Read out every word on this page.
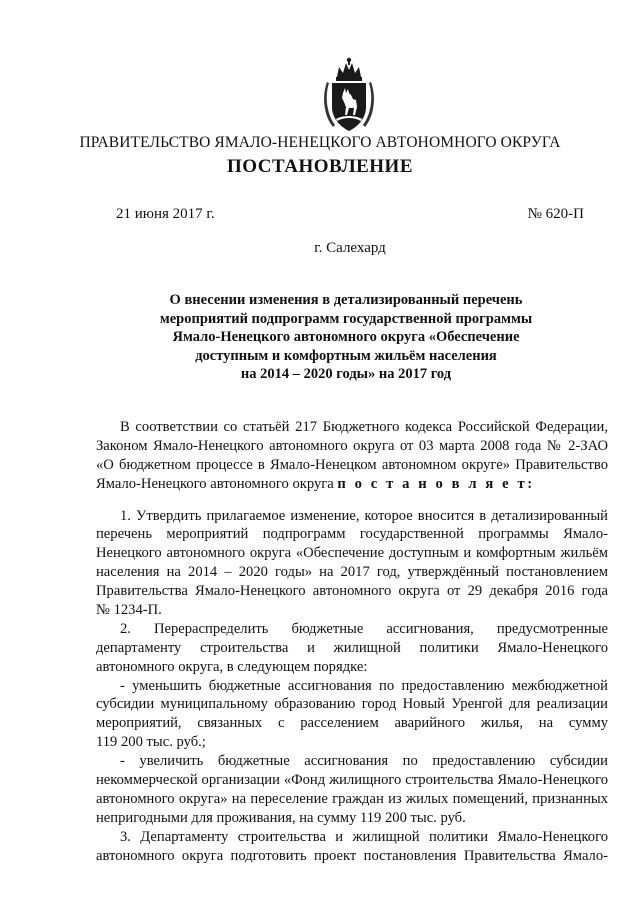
ПРАВИТЕЛЬСТВО ЯМАЛО-НЕНЕЦКОГО АВТОНОМНОГО ОКРУГА
ПОСТАНОВЛЕНИЕ
21 июня 2017 г.	№ 620-П
г. Салехард
О внесении изменения в детализированный перечень
мероприятий подпрограмм государственной программы
Ямало-Ненецкого автономного округа «Обеспечение
доступным и комфортным жильём населения
на 2014 – 2020 годы» на 2017 год
В соответствии со статьёй 217 Бюджетного кодекса Российской Федерации,
Законом Ямало-Ненецкого автономного округа от 03 марта 2008 года № 2-ЗАО
«О бюджетном процессе в Ямало-Ненецком автономном округе» Правительство
Ямало-Ненецкого автономного округа п о с т а н о в л я е т:
1. Утвердить прилагаемое изменение, которое вносится в детализированный
перечень мероприятий подпрограмм государственной программы Ямало-
Ненецкого автономного округа «Обеспечение доступным и комфортным жильём
населения на 2014 – 2020 годы» на 2017 год, утверждённый постановлением
Правительства Ямало-Ненецкого автономного округа от 29 декабря 2016 года
№ 1234-П.
2. Перераспределить бюджетные ассигнования, предусмотренные
департаменту строительства и жилищной политики Ямало-Ненецкого
автономного округа, в следующем порядке:
- уменьшить бюджетные ассигнования по предоставлению межбюджетной
субсидии муниципальному образованию город Новый Уренгой для реализации
мероприятий, связанных с расселением аварийного жилья, на сумму
119 200 тыс. руб.;
- увеличить бюджетные ассигнования по предоставлению субсидии
некоммерческой организации «Фонд жилищного строительства Ямало-Ненецкого
автономного округа» на переселение граждан из жилых помещений, признанных
непригодными для проживания, на сумму 119 200 тыс. руб.
3. Департаменту строительства и жилищной политики Ямало-Ненецкого
автономного округа подготовить проект постановления Правительства Ямало-
